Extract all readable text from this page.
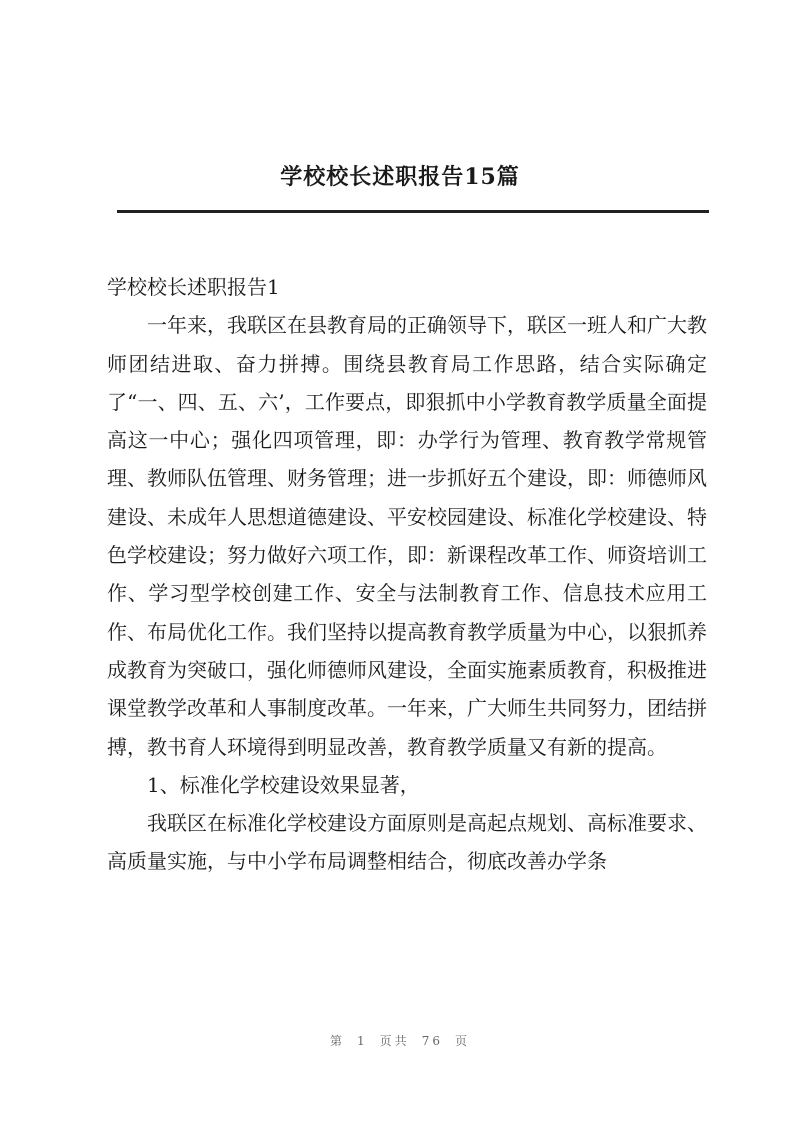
学校校长述职报告15篇

学校校长述职报告1

一年来，我联区在县教育局的正确领导下，联区一班人和广大教师团结进取、奋力拼搏。围绕县教育局工作思路，结合实际确定了“一、四、五、六’，工作要点，即狠抓中小学教育教学质量全面提高这一中心；强化四项管理，即：办学行为管理、教育教学常规管理、教师队伍管理、财务管理；进一步抓好五个建设，即：师德师风建设、未成年人思想道德建设、平安校园建设、标准化学校建设、特色学校建设；努力做好六项工作，即：新课程改革工作、师资培训工作、学习型学校创建工作、安全与法制教育工作、信息技术应用工作、布局优化工作。我们坚持以提高教育教学质量为中心，以狠抓养成教育为突破口，强化师德师风建设，全面实施素质教育，积极推进课堂教学改革和人事制度改革。一年来，广大师生共同努力，团结拼搏，教书育人环境得到明显改善，教育教学质量又有新的提高。

1、标准化学校建设效果显著，

我联区在标准化学校建设方面原则是高起点规划、高标准要求、高质量实施，与中小学布局调整相结合，彻底改善办学条

第 1 页共 76 页
